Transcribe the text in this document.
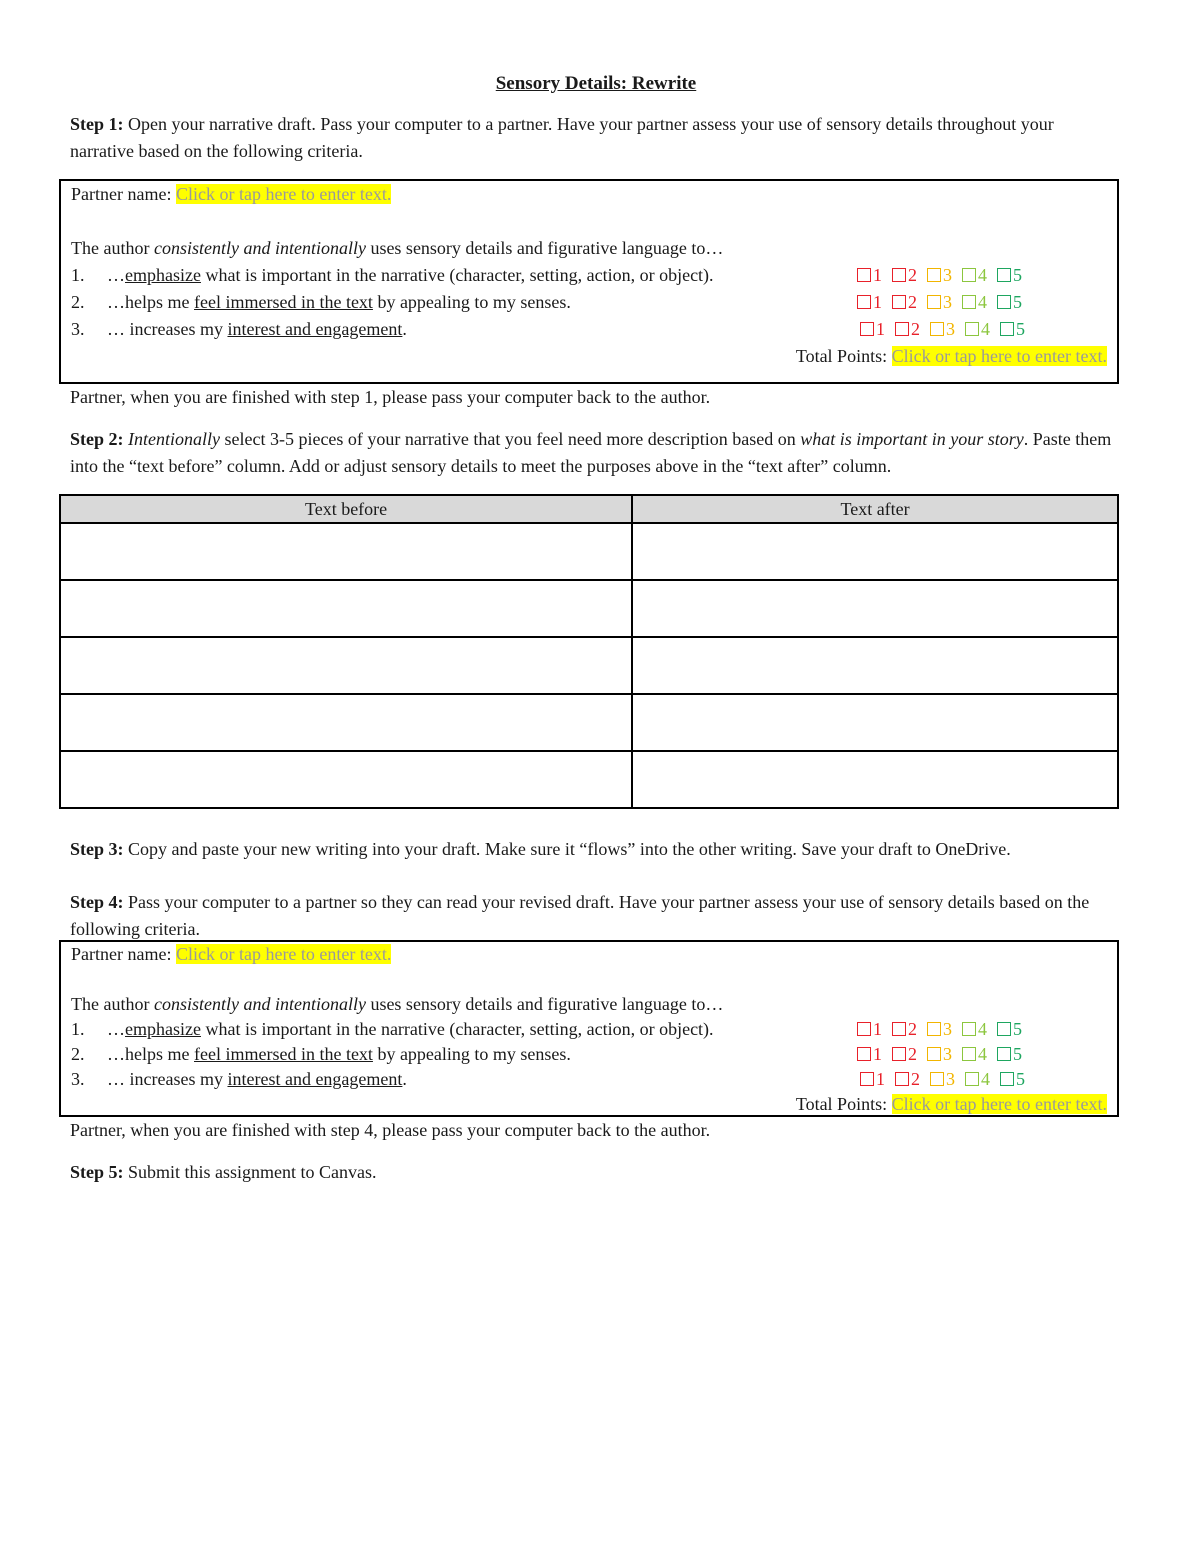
Sensory Details: Rewrite

Step 1: Open your narrative draft. Pass your computer to a partner. Have your partner assess your use of sensory details throughout your narrative based on the following criteria.

Partner name: Click or tap here to enter text.
The author consistently and intentionally uses sensory details and figurative language to…
1. …emphasize what is important in the narrative (character, setting, action, or object).	1 2 3 4 5
2. …helps me feel immersed in the text by appealing to my senses.	1 2 3 4 5
3. … increases my interest and engagement.	1 2 3 4 5
Total Points: Click or tap here to enter text.

Partner, when you are finished with step 1, please pass your computer back to the author.

Step 2: Intentionally select 3-5 pieces of your narrative that you feel need more description based on what is important in your story. Paste them into the “text before” column. Add or adjust sensory details to meet the purposes above in the “text after” column.

Text before	Text after

Step 3: Copy and paste your new writing into your draft. Make sure it “flows” into the other writing. Save your draft to OneDrive.

Step 4: Pass your computer to a partner so they can read your revised draft. Have your partner assess your use of sensory details based on the following criteria.

Partner name: Click or tap here to enter text.
The author consistently and intentionally uses sensory details and figurative language to…
1. …emphasize what is important in the narrative (character, setting, action, or object).	1 2 3 4 5
2. …helps me feel immersed in the text by appealing to my senses.	1 2 3 4 5
3. … increases my interest and engagement.	1 2 3 4 5
Total Points: Click or tap here to enter text.

Partner, when you are finished with step 4, please pass your computer back to the author.

Step 5: Submit this assignment to Canvas.
